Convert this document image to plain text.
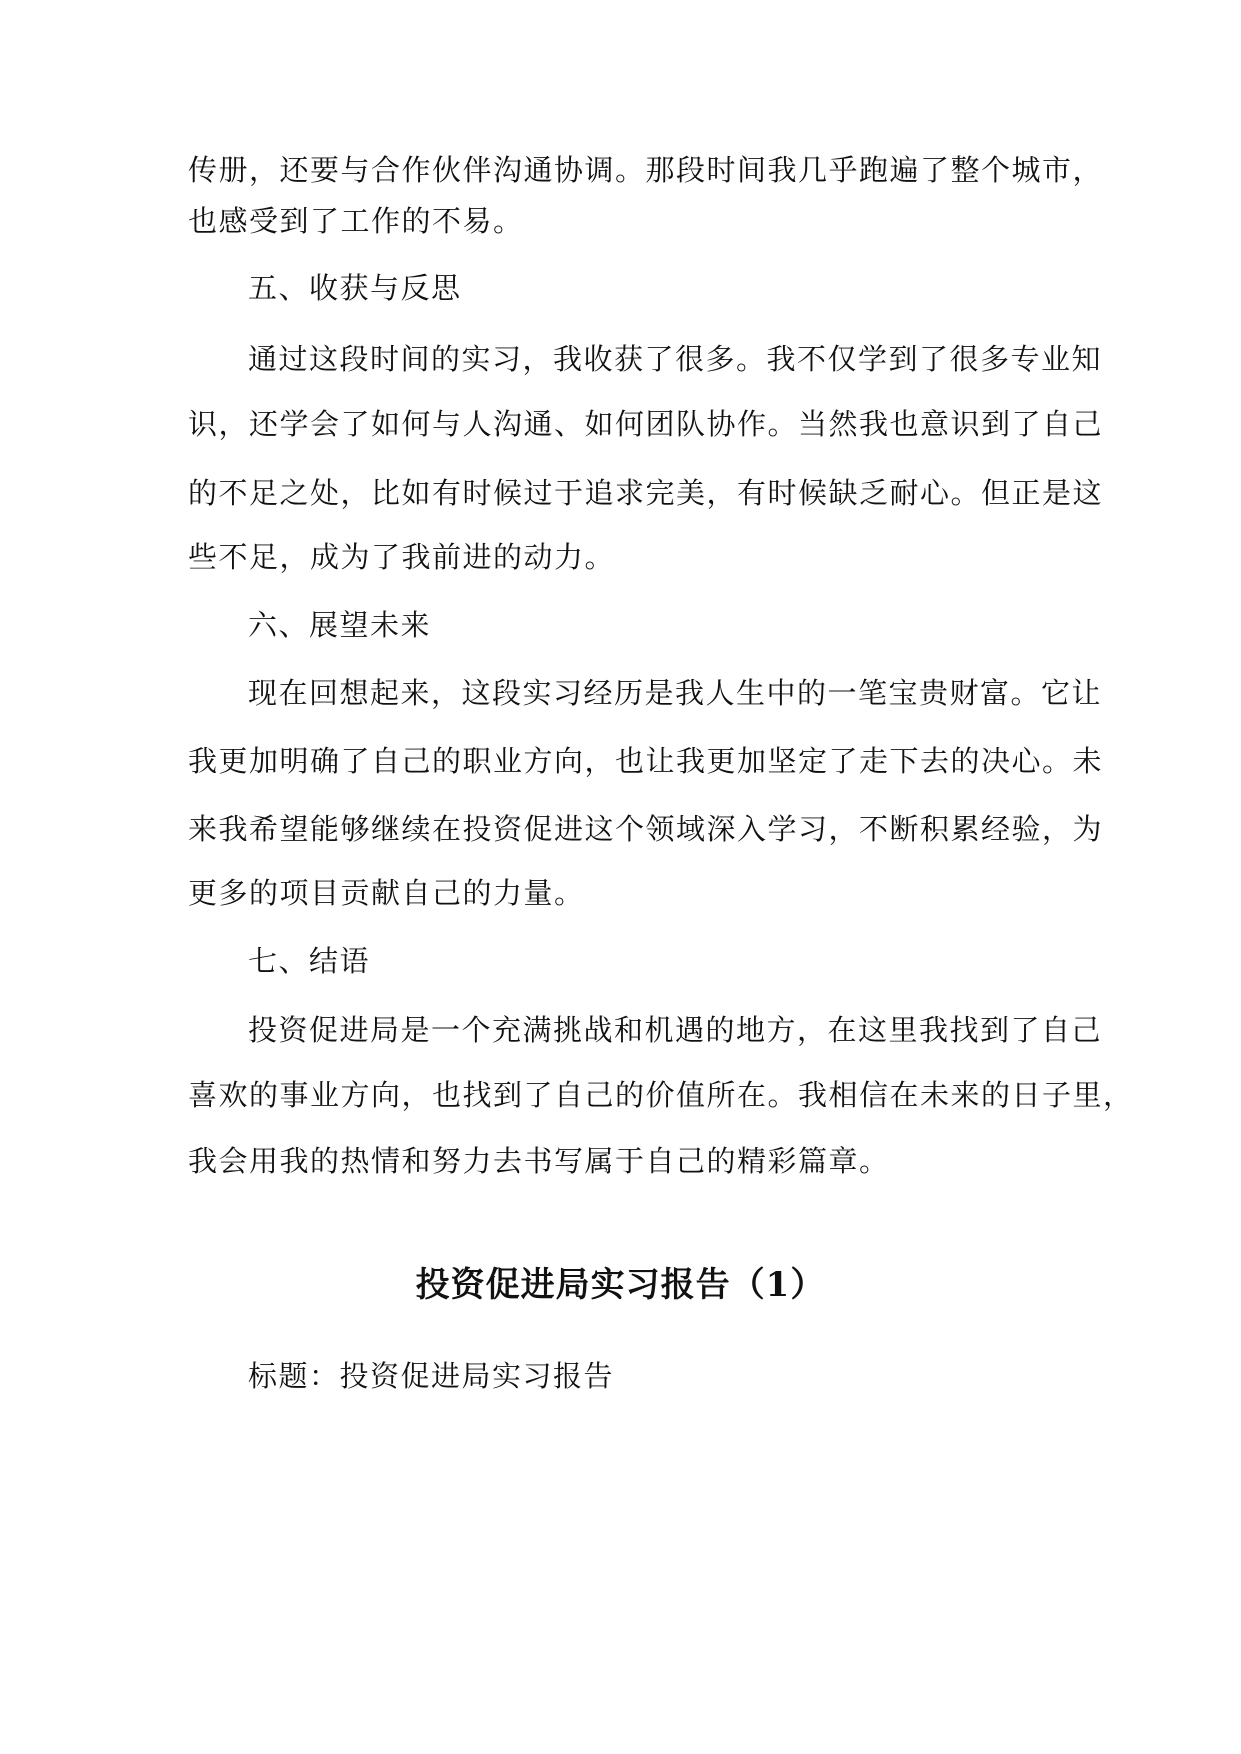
传册，还要与合作伙伴沟通协调。那段时间我几乎跑遍了整个城市，
也感受到了工作的不易。
五、收获与反思
通过这段时间的实习，我收获了很多。我不仅学到了很多专业知
识，还学会了如何与人沟通、如何团队协作。当然我也意识到了自己
的不足之处，比如有时候过于追求完美，有时候缺乏耐心。但正是这
些不足，成为了我前进的动力。
六、展望未来
现在回想起来，这段实习经历是我人生中的一笔宝贵财富。它让
我更加明确了自己的职业方向，也让我更加坚定了走下去的决心。未
来我希望能够继续在投资促进这个领域深入学习，不断积累经验，为
更多的项目贡献自己的力量。
七、结语
投资促进局是一个充满挑战和机遇的地方，在这里我找到了自己
喜欢的事业方向，也找到了自己的价值所在。我相信在未来的日子里，
我会用我的热情和努力去书写属于自己的精彩篇章。
投资促进局实习报告（1）
标题：投资促进局实习报告
